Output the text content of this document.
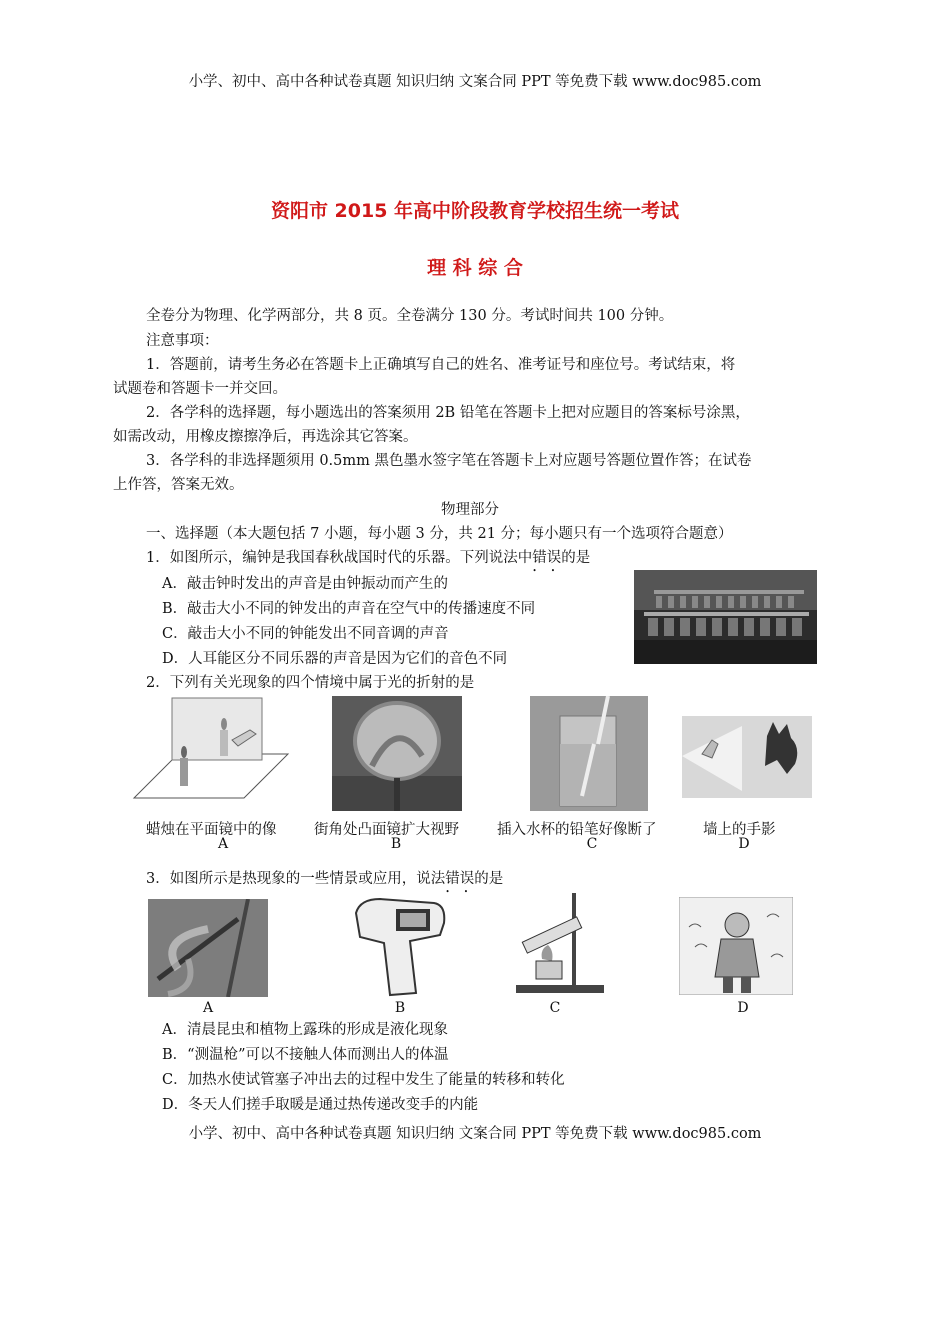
小学、初中、高中各种试卷真题 知识归纳 文案合同 PPT 等免费下载 www.doc985.com
资阳市 2015 年高中阶段教育学校招生统一考试
理 科 综 合
全卷分为物理、化学两部分，共 8 页。全卷满分 130 分。考试时间共 100 分钟。
注意事项：
1．答题前，请考生务必在答题卡上正确填写自己的姓名、准考证号和座位号。考试结束，将
试题卷和答题卡一并交回。
2．各学科的选择题，每小题选出的答案须用 2B 铅笔在答题卡上把对应题目的答案标号涂黑，
如需改动，用橡皮擦擦净后，再选涂其它答案。
3．各学科的非选择题须用 0.5mm 黑色墨水签字笔在答题卡上对应题号答题位置作答；在试卷
上作答，答案无效。
物理部分
一、选择题（本大题包括 7 小题，每小题 3 分，共 21 分；每小题只有一个选项符合题意）
1．如图所示，编钟是我国春秋战国时代的乐器。下列说法中错误 • •的是
A．敲击钟时发出的声音是由钟振动而产生的
B．敲击大小不同的钟发出的声音在空气中的传播速度不同
C．敲击大小不同的钟能发出不同音调的声音
D．人耳能区分不同乐器的声音是因为它们的音色不同
2．下列有关光现象的四个情境中属于光的折射的是
蜡烛在平面镜中的像	街角处凸面镜扩大视野	插入水杯的铅笔好像断了	墙上的手影
A	B	C	D
3．如图所示是热现象的一些情景或应用，说法错误 • •的是
A	B	C	D
A．清晨昆虫和植物上露珠的形成是液化现象
B．“测温枪”可以不接触人体而测出人的体温
C．加热水使试管塞子冲出去的过程中发生了能量的转移和转化
D．冬天人们搓手取暖是通过热传递改变手的内能
小学、初中、高中各种试卷真题 知识归纳 文案合同 PPT 等免费下载 www.doc985.com
